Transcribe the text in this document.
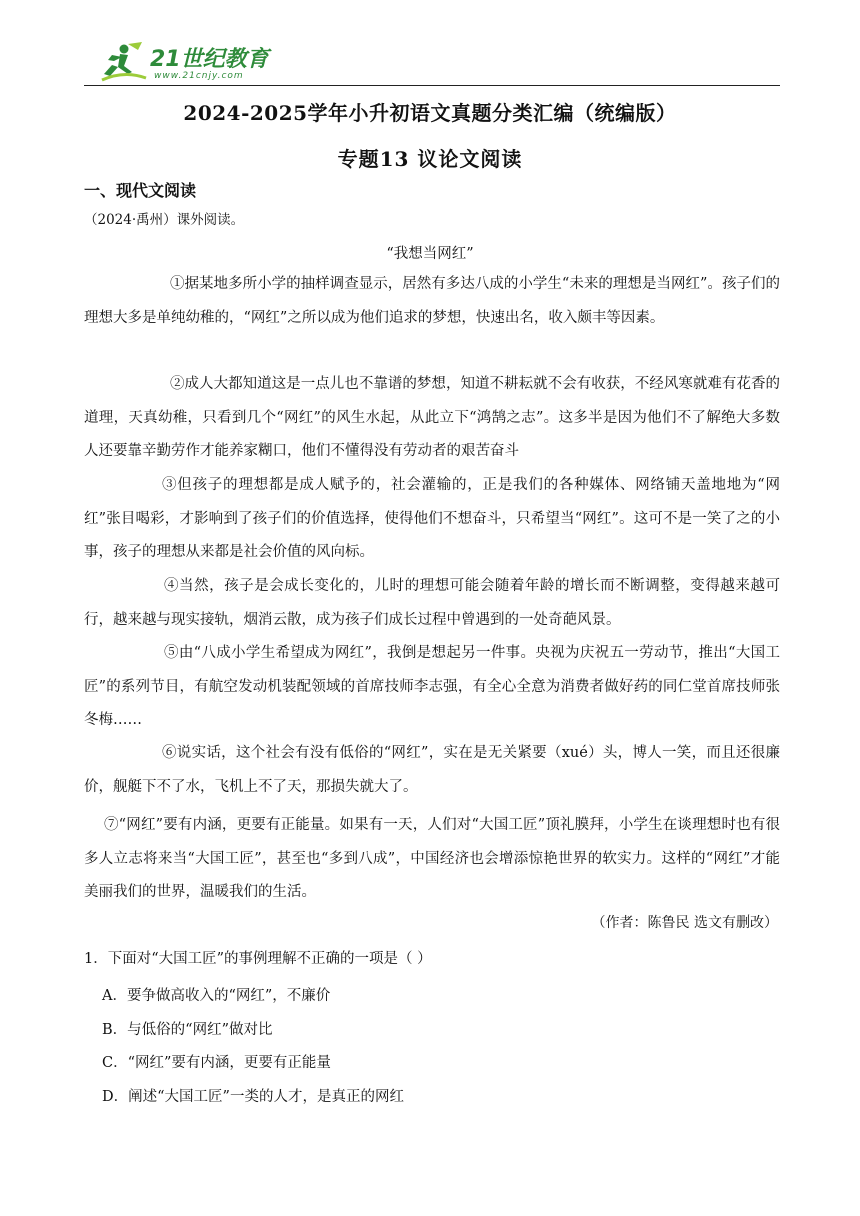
21世纪教育
www.21cnjy.com
2024-2025学年小升初语文真题分类汇编（统编版）
专题13 议论文阅读
一、现代文阅读
（2024·禹州）课外阅读。
“我想当网红”

①据某地多所小学的抽样调查显示，居然有多达八成的小学生“未来的理想是当网红”。孩子们的理想大多是单纯幼稚的，“网红”之所以成为他们追求的梦想，快速出名，收入颇丰等因素。

②成人大都知道这是一点儿也不靠谱的梦想，知道不耕耘就不会有收获，不经风寒就难有花香的道理，天真幼稚，只看到几个“网红”的风生水起，从此立下“鸿鹄之志”。这多半是因为他们不了解绝大多数人还要靠辛勤劳作才能养家糊口，他们不懂得没有劳动者的艰苦奋斗

③但孩子的理想都是成人赋予的，社会灌输的，正是我们的各种媒体、网络铺天盖地地为“网红”张目喝彩，才影响到了孩子们的价值选择，使得他们不想奋斗，只希望当“网红”。这可不是一笑了之的小事，孩子的理想从来都是社会价值的风向标。

④当然，孩子是会成长变化的，儿时的理想可能会随着年龄的增长而不断调整，变得越来越可行，越来越与现实接轨，烟消云散，成为孩子们成长过程中曾遇到的一处奇葩风景。

⑤由“八成小学生希望成为网红”，我倒是想起另一件事。央视为庆祝五一劳动节，推出“大国工匠”的系列节目，有航空发动机装配领域的首席技师李志强，有全心全意为消费者做好药的同仁堂首席技师张冬梅……

⑥说实话，这个社会有没有低俗的“网红”，实在是无关紧要（xué）头，博人一笑，而且还很廉价，舰艇下不了水，飞机上不了天，那损失就大了。

⑦“网红”要有内涵，更要有正能量。如果有一天，人们对“大国工匠”顶礼膜拜，小学生在谈理想时也有很多人立志将来当“大国工匠”，甚至也“多到八成”，中国经济也会增添惊艳世界的软实力。这样的“网红”才能美丽我们的世界，温暖我们的生活。

（作者：陈鲁民 选文有删改）
1．下面对“大国工匠”的事例理解不正确的一项是（ ）
A．要争做高收入的“网红”，不廉价
B．与低俗的“网红”做对比
C．“网红”要有内涵，更要有正能量
D．阐述“大国工匠”一类的人才，是真正的网红
